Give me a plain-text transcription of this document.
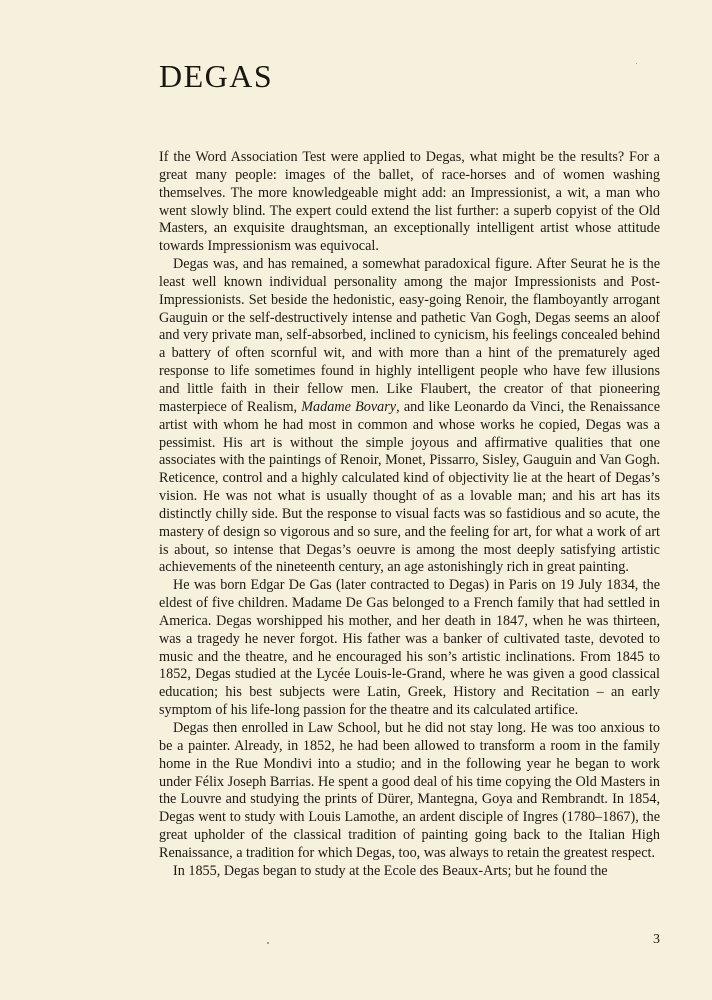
DEGAS

If the Word Association Test were applied to Degas, what might be the results? For a great many people: images of the ballet, of race-horses and of women washing themselves. The more knowledgeable might add: an Impressionist, a wit, a man who went slowly blind. The expert could extend the list further: a superb copyist of the Old Masters, an exquisite draughtsman, an exceptionally intelligent artist whose attitude towards Impressionism was equivocal.

Degas was, and has remained, a somewhat paradoxical figure. After Seurat he is the least well known individual personality among the major Impressionists and Post-Impressionists. Set beside the hedonistic, easy-going Renoir, the flamboyantly arrogant Gauguin or the self-destructively intense and pathetic Van Gogh, Degas seems an aloof and very private man, self-absorbed, inclined to cynicism, his feelings concealed behind a battery of often scornful wit, and with more than a hint of the prematurely aged response to life sometimes found in highly intelligent people who have few illusions and little faith in their fellow men. Like Flaubert, the creator of that pioneering masterpiece of Realism, Madame Bovary, and like Leonardo da Vinci, the Renaissance artist with whom he had most in common and whose works he copied, Degas was a pessimist. His art is without the simple joyous and affirmative qualities that one associates with the paintings of Renoir, Monet, Pissarro, Sisley, Gauguin and Van Gogh. Reticence, control and a highly calculated kind of objectivity lie at the heart of Degas’s vision. He was not what is usually thought of as a lovable man; and his art has its distinctly chilly side. But the response to visual facts was so fastidious and so acute, the mastery of design so vigorous and so sure, and the feeling for art, for what a work of art is about, so intense that Degas’s oeuvre is among the most deeply satisfying artistic achievements of the nineteenth century, an age astonishingly rich in great painting.

He was born Edgar De Gas (later contracted to Degas) in Paris on 19 July 1834, the eldest of five children. Madame De Gas belonged to a French family that had settled in America. Degas worshipped his mother, and her death in 1847, when he was thirteen, was a tragedy he never forgot. His father was a banker of cultivated taste, devoted to music and the theatre, and he encouraged his son’s artistic inclinations. From 1845 to 1852, Degas studied at the Lycée Louis-le-Grand, where he was given a good classical education; his best subjects were Latin, Greek, History and Recitation – an early symptom of his life-long passion for the theatre and its calculated artifice.

Degas then enrolled in Law School, but he did not stay long. He was too anxious to be a painter. Already, in 1852, he had been allowed to transform a room in the family home in the Rue Mondivi into a studio; and in the following year he began to work under Félix Joseph Barrias. He spent a good deal of his time copying the Old Masters in the Louvre and studying the prints of Dürer, Mantegna, Goya and Rembrandt. In 1854, Degas went to study with Louis Lamothe, an ardent disciple of Ingres (1780–1867), the great upholder of the classical tradition of painting going back to the Italian High Renaissance, a tradition for which Degas, too, was always to retain the greatest respect.

In 1855, Degas began to study at the Ecole des Beaux-Arts; but he found the

3
